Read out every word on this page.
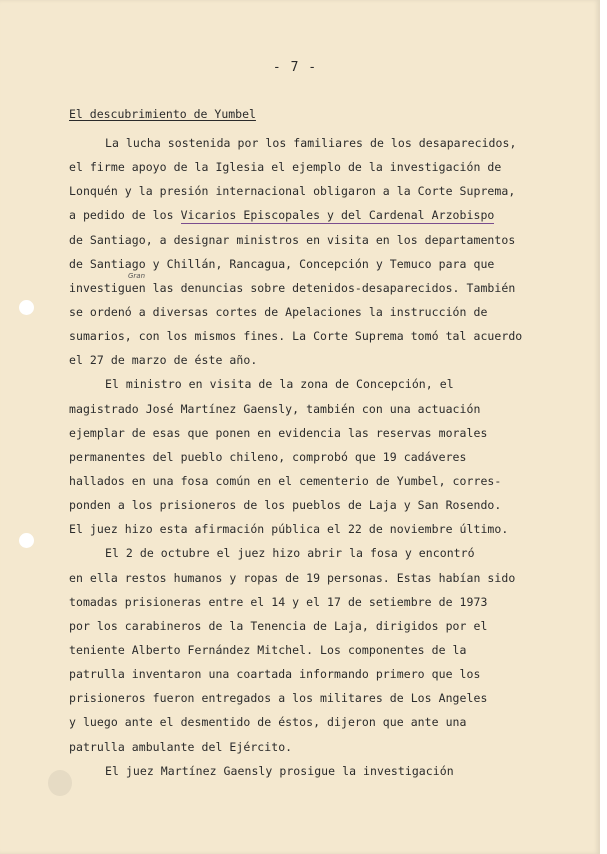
- 7 -
El descubrimiento de Yumbel
Gran
La lucha sostenida por los familiares de los desaparecidos,
el firme apoyo de la Iglesia el ejemplo de la investigación de
Lonquén y la presión internacional obligaron a la Corte Suprema,
a pedido de los Vicarios Episcopales y del Cardenal Arzobispo
de Santiago, a designar ministros en visita en los departamentos
de Santiago y Chillán, Rancagua, Concepción y Temuco para que
investiguen las denuncias sobre detenidos-desaparecidos. También
se ordenó a diversas cortes de Apelaciones la instrucción de
sumarios, con los mismos fines. La Corte Suprema tomó tal acuerdo
el 27 de marzo de éste año.
El ministro en visita de la zona de Concepción, el
magistrado José Martínez Gaensly, también con una actuación
ejemplar de esas que ponen en evidencia las reservas morales
permanentes del pueblo chileno, comprobó que 19 cadáveres
hallados en una fosa común en el cementerio de Yumbel, corres-
ponden a los prisioneros de los pueblos de Laja y San Rosendo.
El juez hizo esta afirmación pública el 22 de noviembre último.
El 2 de octubre el juez hizo abrir la fosa y encontró
en ella restos humanos y ropas de 19 personas. Estas habían sido
tomadas prisioneras entre el 14 y el 17 de setiembre de 1973
por los carabineros de la Tenencia de Laja, dirigidos por el
teniente Alberto Fernández Mitchel. Los componentes de la
patrulla inventaron una coartada informando primero que los
prisioneros fueron entregados a los militares de Los Angeles
y luego ante el desmentido de éstos, dijeron que ante una
patrulla ambulante del Ejército.
El juez Martínez Gaensly prosigue la investigación
